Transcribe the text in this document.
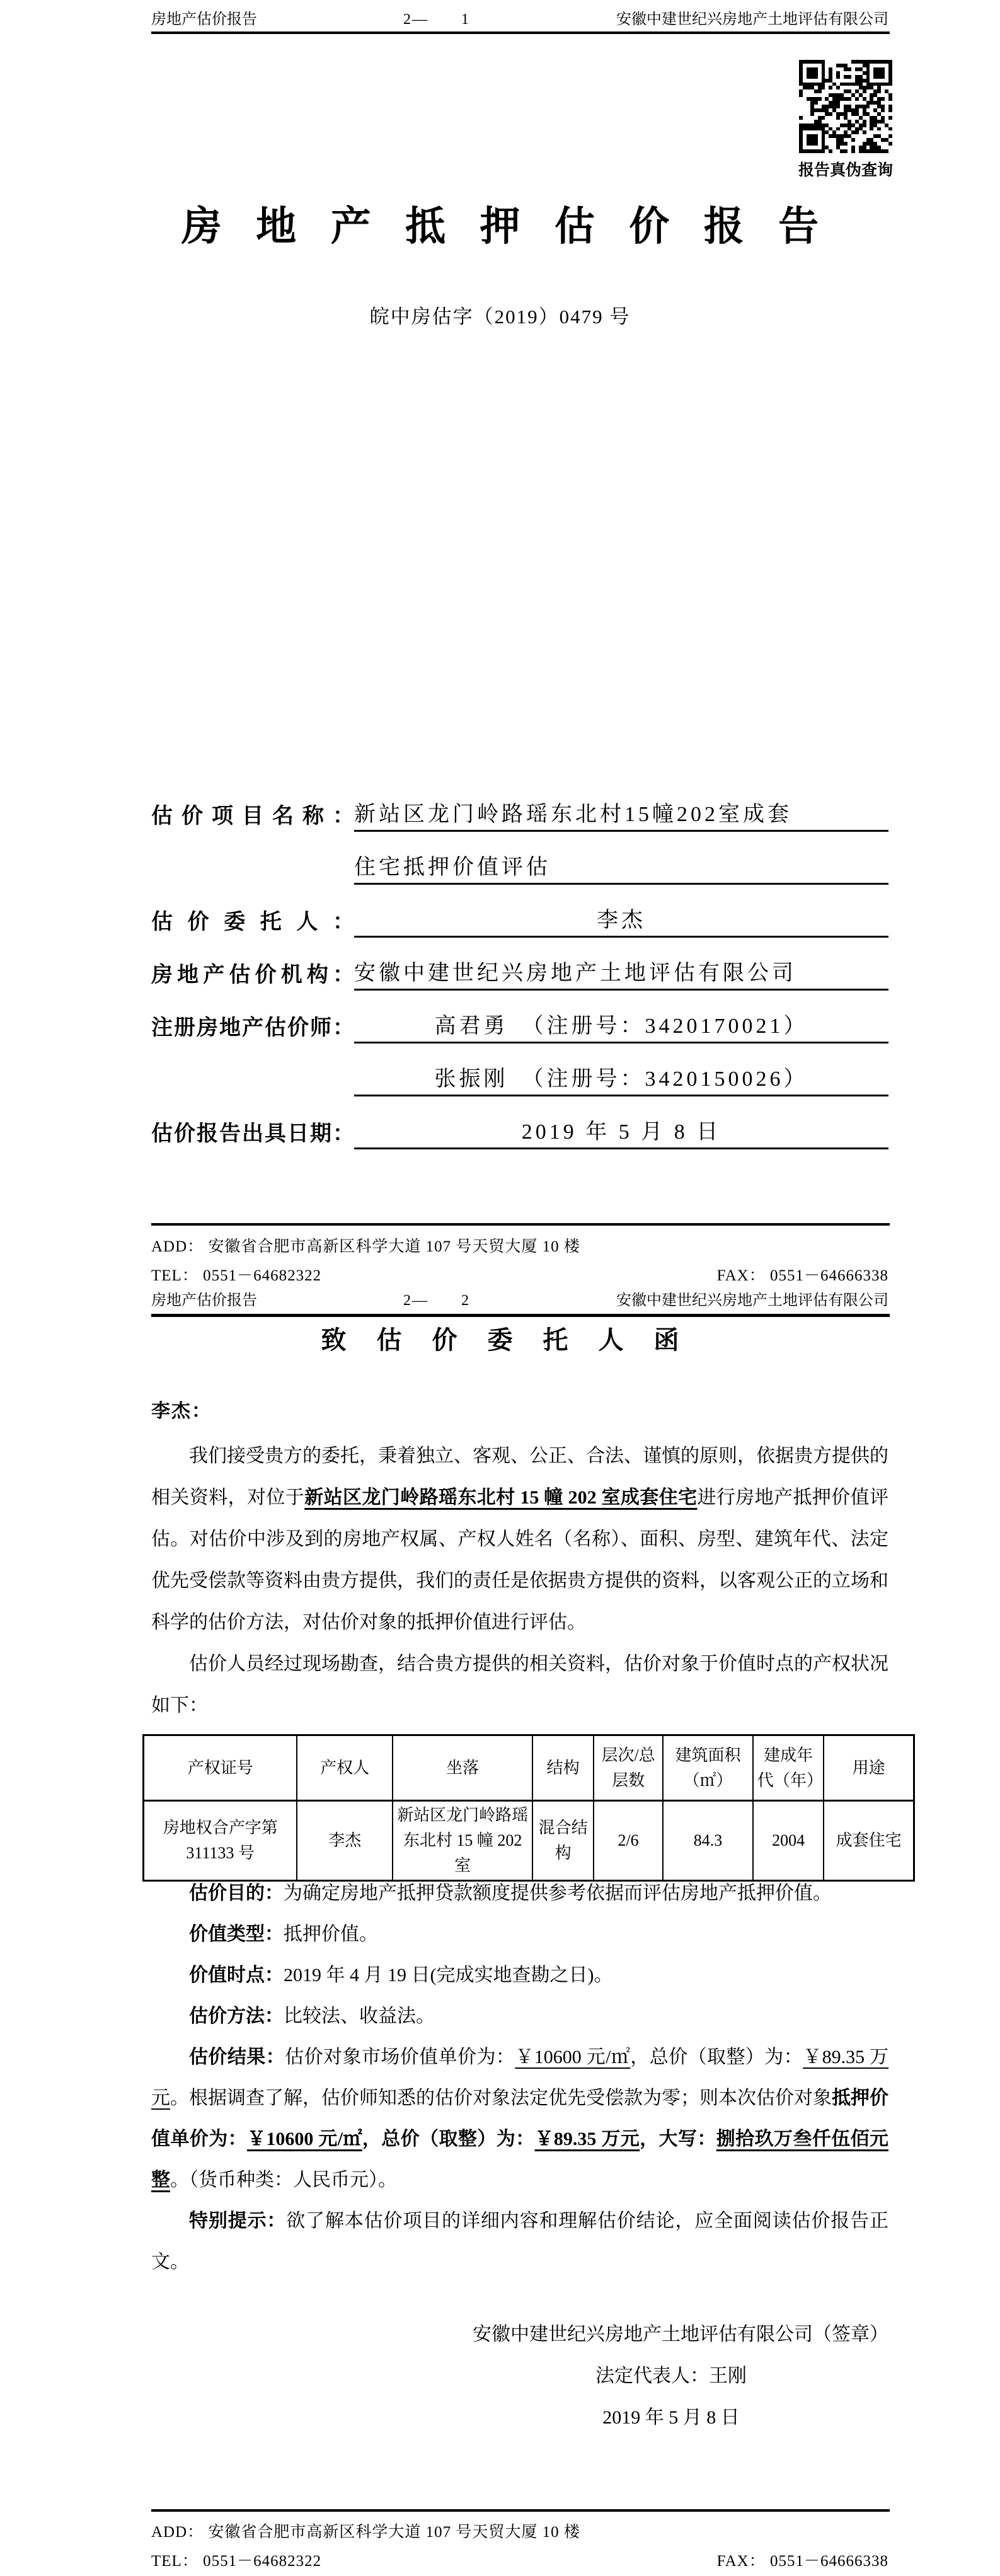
房地产估价报告	2—　　1	安徽中建世纪兴房地产土地评估有限公司
报告真伪查询
房地产抵押估价报告
皖中房估字（2019）0479 号
估价项目名称： 新站区龙门岭路瑶东北村15幢202室成套
住宅抵押价值评估
估价委托人：	李杰
房地产估价机构： 安徽中建世纪兴房地产土地评估有限公司
注册房地产估价师：	高君勇　（注册号：3420170021）
张振刚　（注册号：3420150026）
估价报告出具日期：	2019 年 5 月 8 日
ADD： 安徽省合肥市高新区科学大道 107 号天贸大厦 10 楼
TEL： 0551－64682322	FAX： 0551－64666338
房地产估价报告	2—　　2	安徽中建世纪兴房地产土地评估有限公司
致估价委托人函
李杰：

我们接受贵方的委托，秉着独立、客观、公正、合法、谨慎的原则，依据贵方提供的相关资料，对位于新站区龙门岭路瑶东北村 15 幢 202 室成套住宅进行房地产抵押价值评估。对估价中涉及到的房地产权属、产权人姓名（名称）、面积、房型、建筑年代、法定优先受偿款等资料由贵方提供，我们的责任是依据贵方提供的资料，以客观公正的立场和科学的估价方法，对估价对象的抵押价值进行评估。

估价人员经过现场勘查，结合贵方提供的相关资料，估价对象于价值时点的产权状况如下：

产权证号	产权人	坐落	结构	层次/总层数	建筑面积（㎡）	建成年代（年）	用途
房地权合产字第311133 号	李杰	新站区龙门岭路瑶东北村 15 幢 202 室	混合结构	2/6	84.3	2004	成套住宅

估价目的：为确定房地产抵押贷款额度提供参考依据而评估房地产抵押价值。

价值类型：抵押价值。

价值时点：2019 年 4 月 19 日(完成实地查勘之日)。

估价方法：比较法、收益法。

估价结果：估价对象市场价值单价为：￥10600 元/㎡，总价（取整）为：￥89.35 万元。根据调查了解，估价师知悉的估价对象法定优先受偿款为零；则本次估价对象抵押价值单价为：￥10600 元/㎡，总价（取整）为：￥89.35 万元，大写：捌拾玖万叁仟伍佰元整。（货币种类：人民币元）。

特别提示：欲了解本估价项目的详细内容和理解估价结论，应全面阅读估价报告正文。

安徽中建世纪兴房地产土地评估有限公司（签章）
法定代表人：王刚
2019 年 5 月 8 日
ADD： 安徽省合肥市高新区科学大道 107 号天贸大厦 10 楼
TEL： 0551－64682322	FAX： 0551－64666338
